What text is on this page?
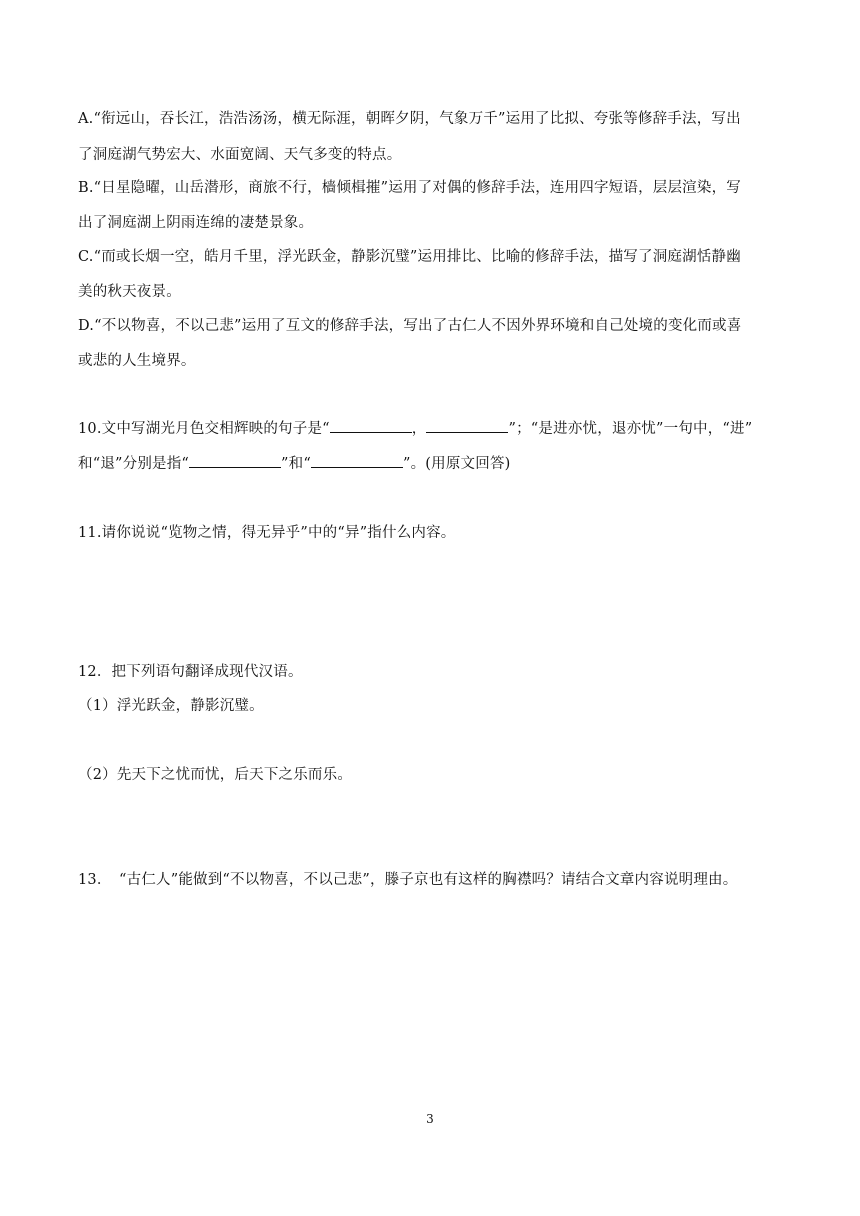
A.“衔远山，吞长江，浩浩汤汤，横无际涯，朝晖夕阴，气象万千”运用了比拟、夸张等修辞手法，写出
了洞庭湖气势宏大、水面宽阔、天气多变的特点。
B.“日星隐曜，山岳潜形，商旅不行，樯倾楫摧”运用了对偶的修辞手法，连用四字短语，层层渲染，写
出了洞庭湖上阴雨连绵的凄楚景象。
C.“而或长烟一空，皓月千里，浮光跃金，静影沉璧”运用排比、比喻的修辞手法，描写了洞庭湖恬静幽
美的秋天夜景。
D.“不以物喜，不以己悲”运用了互文的修辞手法，写出了古仁人不因外界环境和自己处境的变化而或喜
或悲的人生境界。
10.文中写湖光月色交相辉映的句子是“	，	”；“是进亦忧，退亦忧”一句中，“进”
和“退”分别是指“	”和“	”。(用原文回答)
11.请你说说“览物之情，得无异乎”中的“异”指什么内容。
12．把下列语句翻译成现代汉语。
（1）浮光跃金，静影沉璧。
（2）先天下之忧而忧，后天下之乐而乐。
13．　“古仁人”能做到“不以物喜，不以己悲”，滕子京也有这样的胸襟吗？请结合文章内容说明理由。
3
